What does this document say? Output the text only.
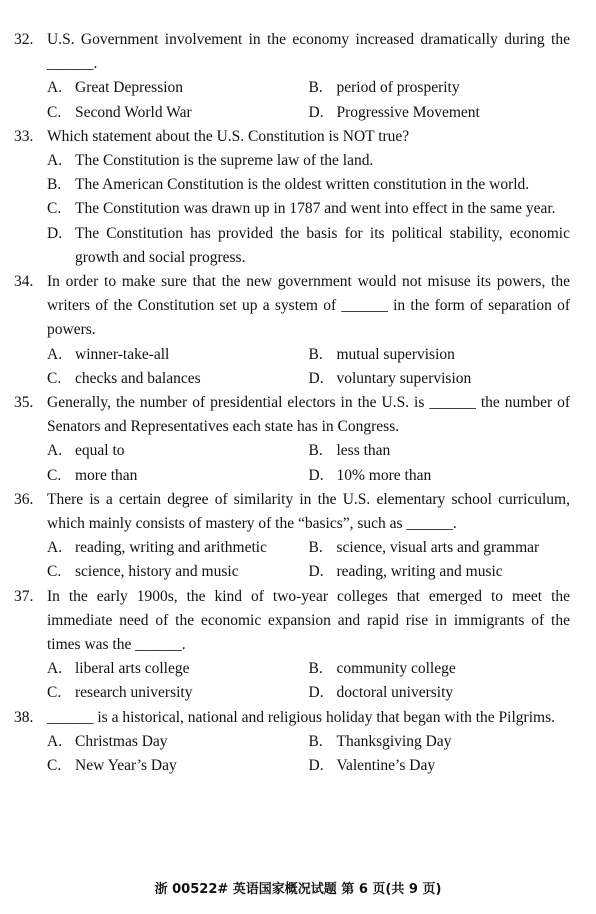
32. U.S. Government involvement in the economy increased dramatically during the ______.
A. Great Depression	B. period of prosperity
C. Second World War	D. Progressive Movement
33. Which statement about the U.S. Constitution is NOT true?
A. The Constitution is the supreme law of the land.
B. The American Constitution is the oldest written constitution in the world.
C. The Constitution was drawn up in 1787 and went into effect in the same year.
D. The Constitution has provided the basis for its political stability, economic growth and social progress.
34. In order to make sure that the new government would not misuse its powers, the writers of the Constitution set up a system of ______ in the form of separation of powers.
A. winner-take-all	B. mutual supervision
C. checks and balances	D. voluntary supervision
35. Generally, the number of presidential electors in the U.S. is ______ the number of Senators and Representatives each state has in Congress.
A. equal to	B. less than
C. more than	D. 10% more than
36. There is a certain degree of similarity in the U.S. elementary school curriculum, which mainly consists of mastery of the “basics”, such as ______.
A. reading, writing and arithmetic	B. science, visual arts and grammar
C. science, history and music	D. reading, writing and music
37. In the early 1900s, the kind of two-year colleges that emerged to meet the immediate need of the economic expansion and rapid rise in immigrants of the times was the ______.
A. liberal arts college	B. community college
C. research university	D. doctoral university
38. ______ is a historical, national and religious holiday that began with the Pilgrims.
A. Christmas Day	B. Thanksgiving Day
C. New Year’s Day	D. Valentine’s Day
浙 00522# 英语国家概况试题 第 6 页(共 9 页)
